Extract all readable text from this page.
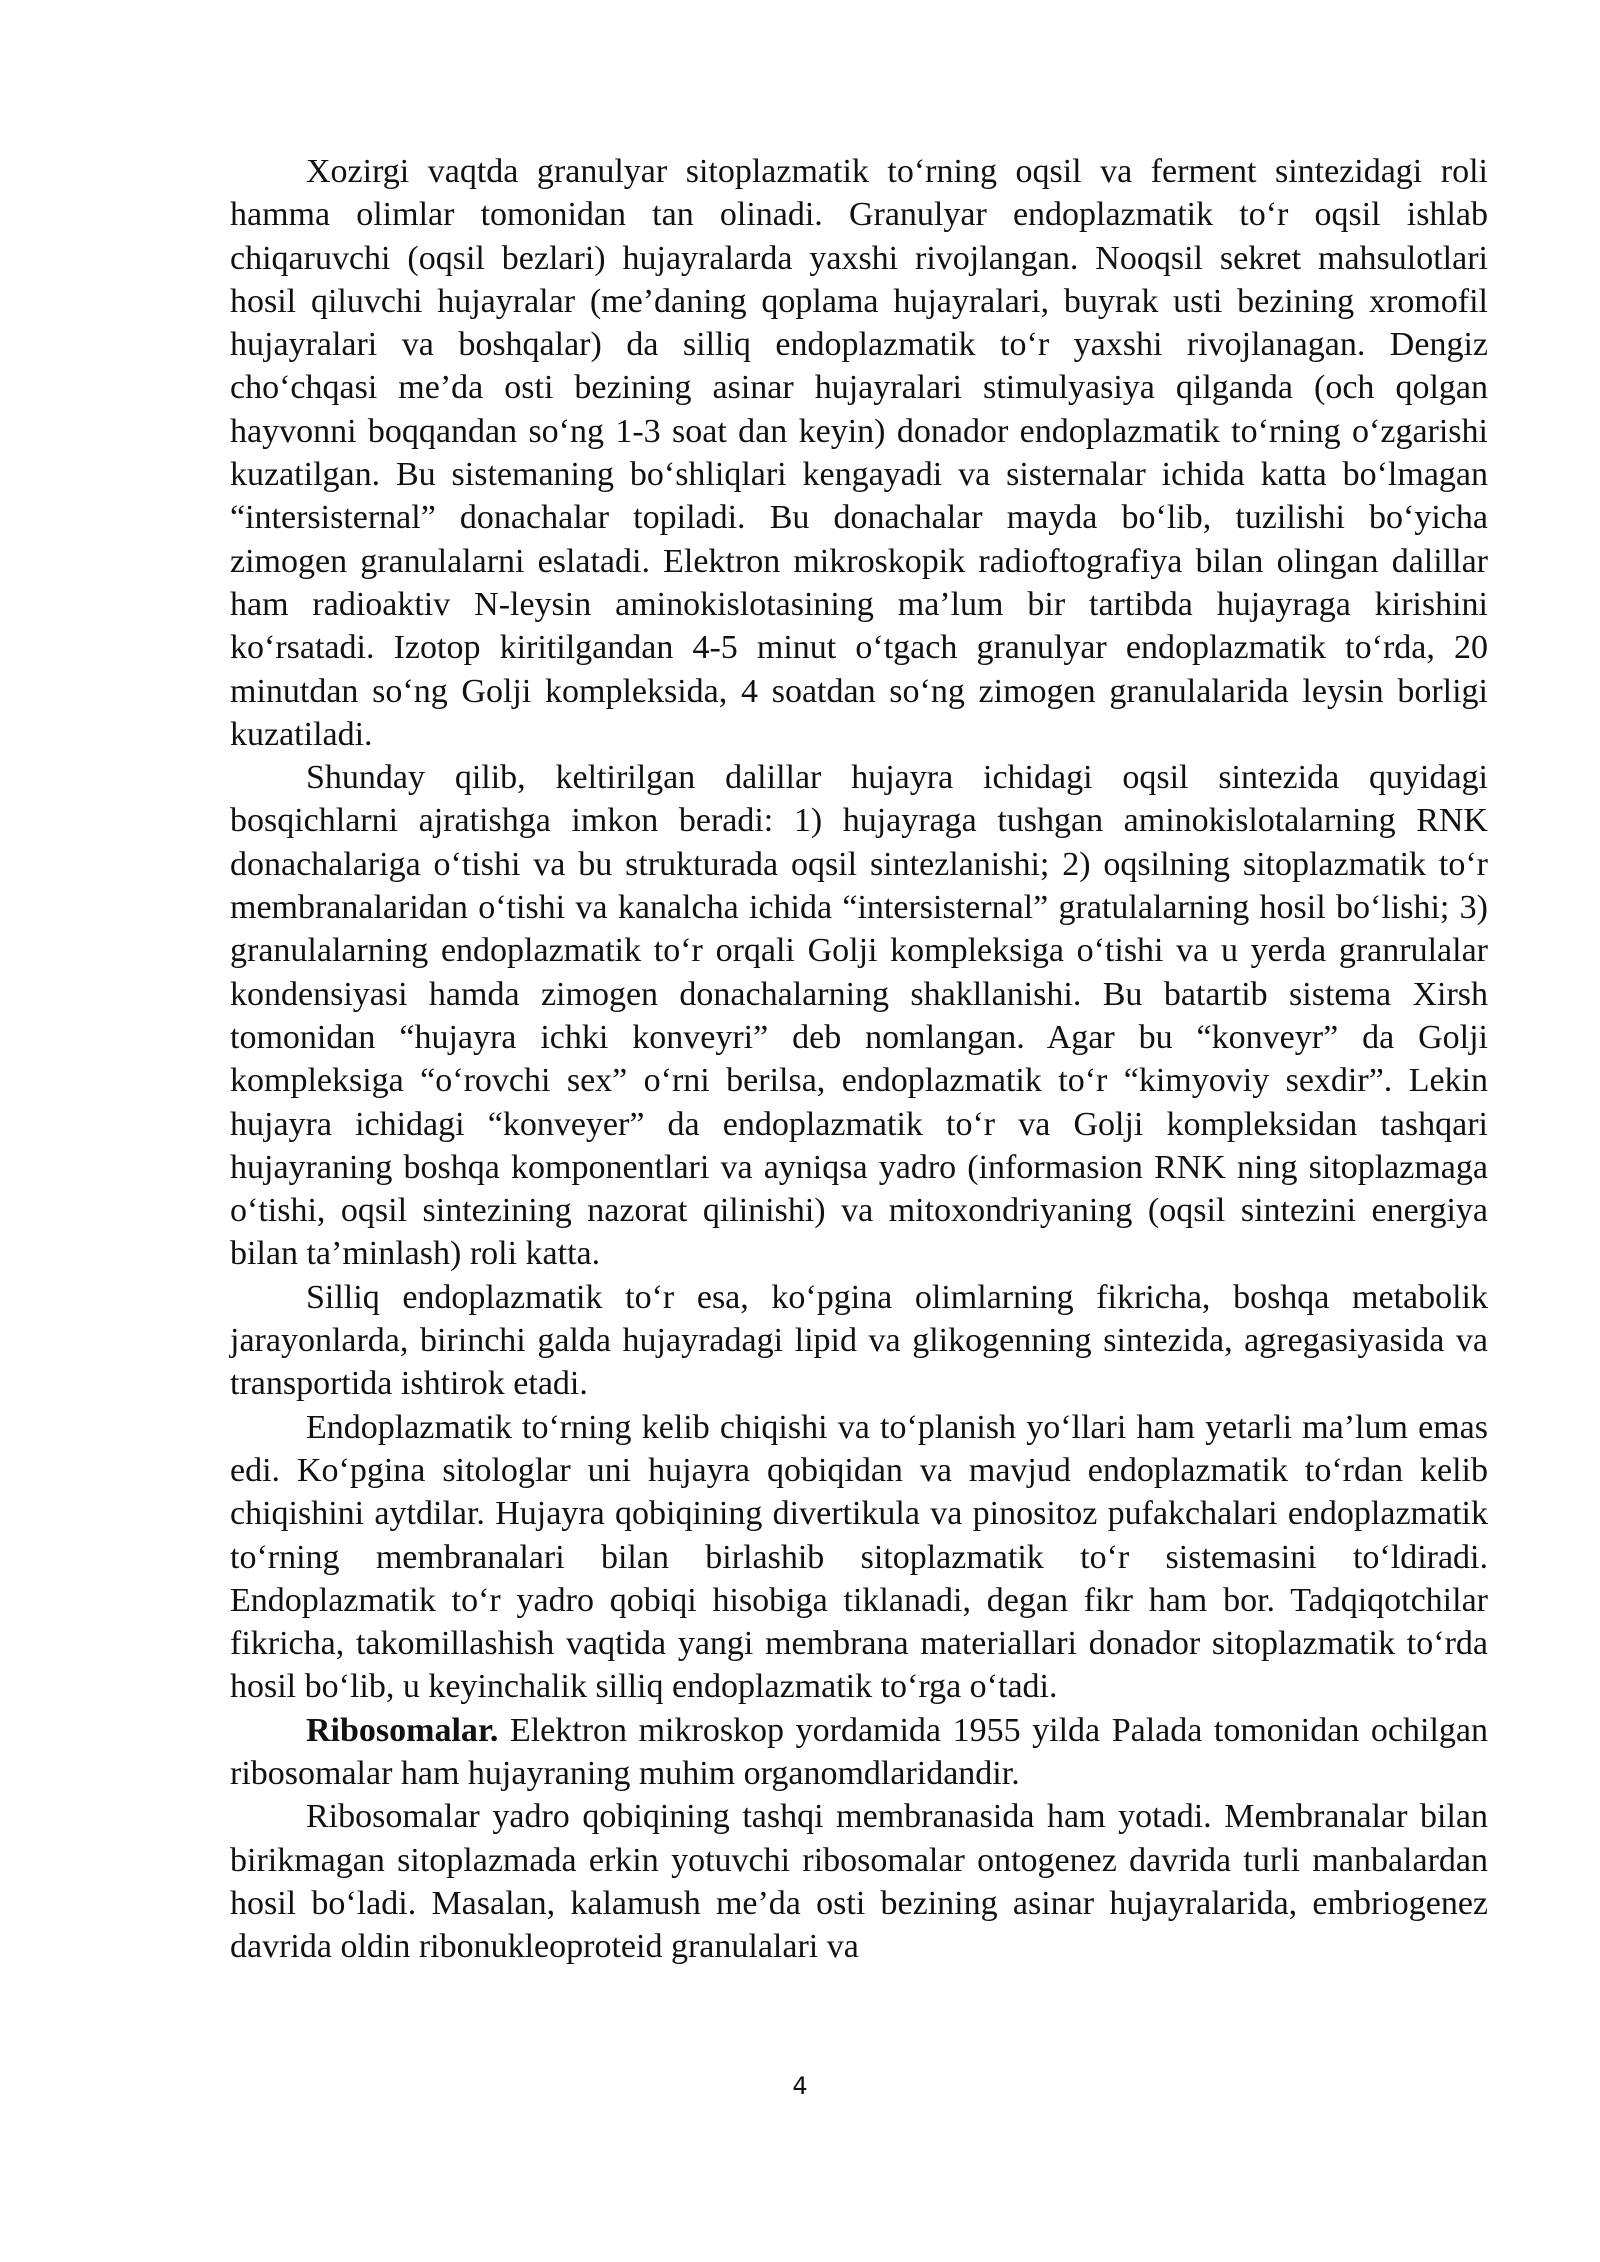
Xozirgi vaqtda granulyar sitoplazmatik to‘rning oqsil va ferment sintezidagi roli hamma olimlar tomonidan tan olinadi. Granulyar endoplazmatik to‘r oqsil ishlab chiqaruvchi (oqsil bezlari) hujayralarda yaxshi rivojlangan. Nooqsil sekret mahsulotlari hosil qiluvchi hujayralar (me’daning qoplama hujayralari, buyrak usti bezining xromofil hujayralari va boshqalar) da silliq endoplazmatik to‘r yaxshi rivojlanagan. Dengiz cho‘chqasi me’da osti bezining asinar hujayralari stimulyasiya qilganda (och qolgan hayvonni boqqandan so‘ng 1-3 soat dan keyin) donador endoplazmatik to‘rning o‘zgarishi kuzatilgan. Bu sistemaning bo‘shliqlari kengayadi va sisternalar ichida katta bo‘lmagan “intersisternal” donachalar topiladi. Bu donachalar mayda bo‘lib, tuzilishi bo‘yicha zimogen granulalarni eslatadi. Elektron mikroskopik radioftografiya bilan olingan dalillar ham radioaktiv N-leysin aminokislotasining ma’lum bir tartibda hujayraga kirishini ko‘rsatadi. Izotop kiritilgandan 4-5 minut o‘tgach granulyar endoplazmatik to‘rda, 20 minutdan so‘ng Golji kompleksida, 4 soatdan so‘ng zimogen granulalarida leysin borligi kuzatiladi.

Shunday qilib, keltirilgan dalillar hujayra ichidagi oqsil sintezida quyidagi bosqichlarni ajratishga imkon beradi: 1) hujayraga tushgan aminokislotalarning RNK donachalariga o‘tishi va bu strukturada oqsil sintezlanishi; 2) oqsilning sitoplazmatik to‘r membranalaridan o‘tishi va kanalcha ichida “intersisternal” gratulalarning hosil bo‘lishi; 3) granulalarning endoplazmatik to‘r orqali Golji kompleksiga o‘tishi va u yerda granrulalar kondensiyasi hamda zimogen donachalarning shakllanishi. Bu batartib sistema Xirsh tomonidan “hujayra ichki konveyri” deb nomlangan. Agar bu “konveyr” da Golji kompleksiga “o‘rovchi sex” o‘rni berilsa, endoplazmatik to‘r “kimyoviy sexdir”. Lekin hujayra ichidagi “konveyer” da endoplazmatik to‘r va Golji kompleksidan tashqari hujayraning boshqa komponentlari va ayniqsa yadro (informasion RNK ning sitoplazmaga o‘tishi, oqsil sintezining nazorat qilinishi) va mitoxondriyaning (oqsil sintezini energiya bilan ta’minlash) roli katta.

Silliq endoplazmatik to‘r esa, ko‘pgina olimlarning fikricha, boshqa metabolik jarayonlarda, birinchi galda hujayradagi lipid va glikogenning sintezida, agregasiyasida va transportida ishtirok etadi.

Endoplazmatik to‘rning kelib chiqishi va to‘planish yo‘llari ham yetarli ma’lum emas edi. Ko‘pgina sitologlar uni hujayra qobiqidan va mavjud endoplazmatik to‘rdan kelib chiqishini aytdilar. Hujayra qobiqining divertikula va pinositoz pufakchalari endoplazmatik to‘rning membranalari bilan birlashib sitoplazmatik to‘r sistemasini to‘ldiradi. Endoplazmatik to‘r yadro qobiqi hisobiga tiklanadi, degan fikr ham bor. Tadqiqotchilar fikricha, takomillashish vaqtida yangi membrana materiallari donador sitoplazmatik to‘rda hosil bo‘lib, u keyinchalik silliq endoplazmatik to‘rga o‘tadi.

Ribosomalar. Elektron mikroskop yordamida 1955 yilda Palada tomonidan ochilgan ribosomalar ham hujayraning muhim organomdlaridandir.

Ribosomalar yadro qobiqining tashqi membranasida ham yotadi. Membranalar bilan birikmagan sitoplazmada erkin yotuvchi ribosomalar ontogenez davrida turli manbalardan hosil bo‘ladi. Masalan, kalamush me’da osti bezining asinar hujayralarida, embriogenez davrida oldin ribonukleoproteid granulalari va

4
